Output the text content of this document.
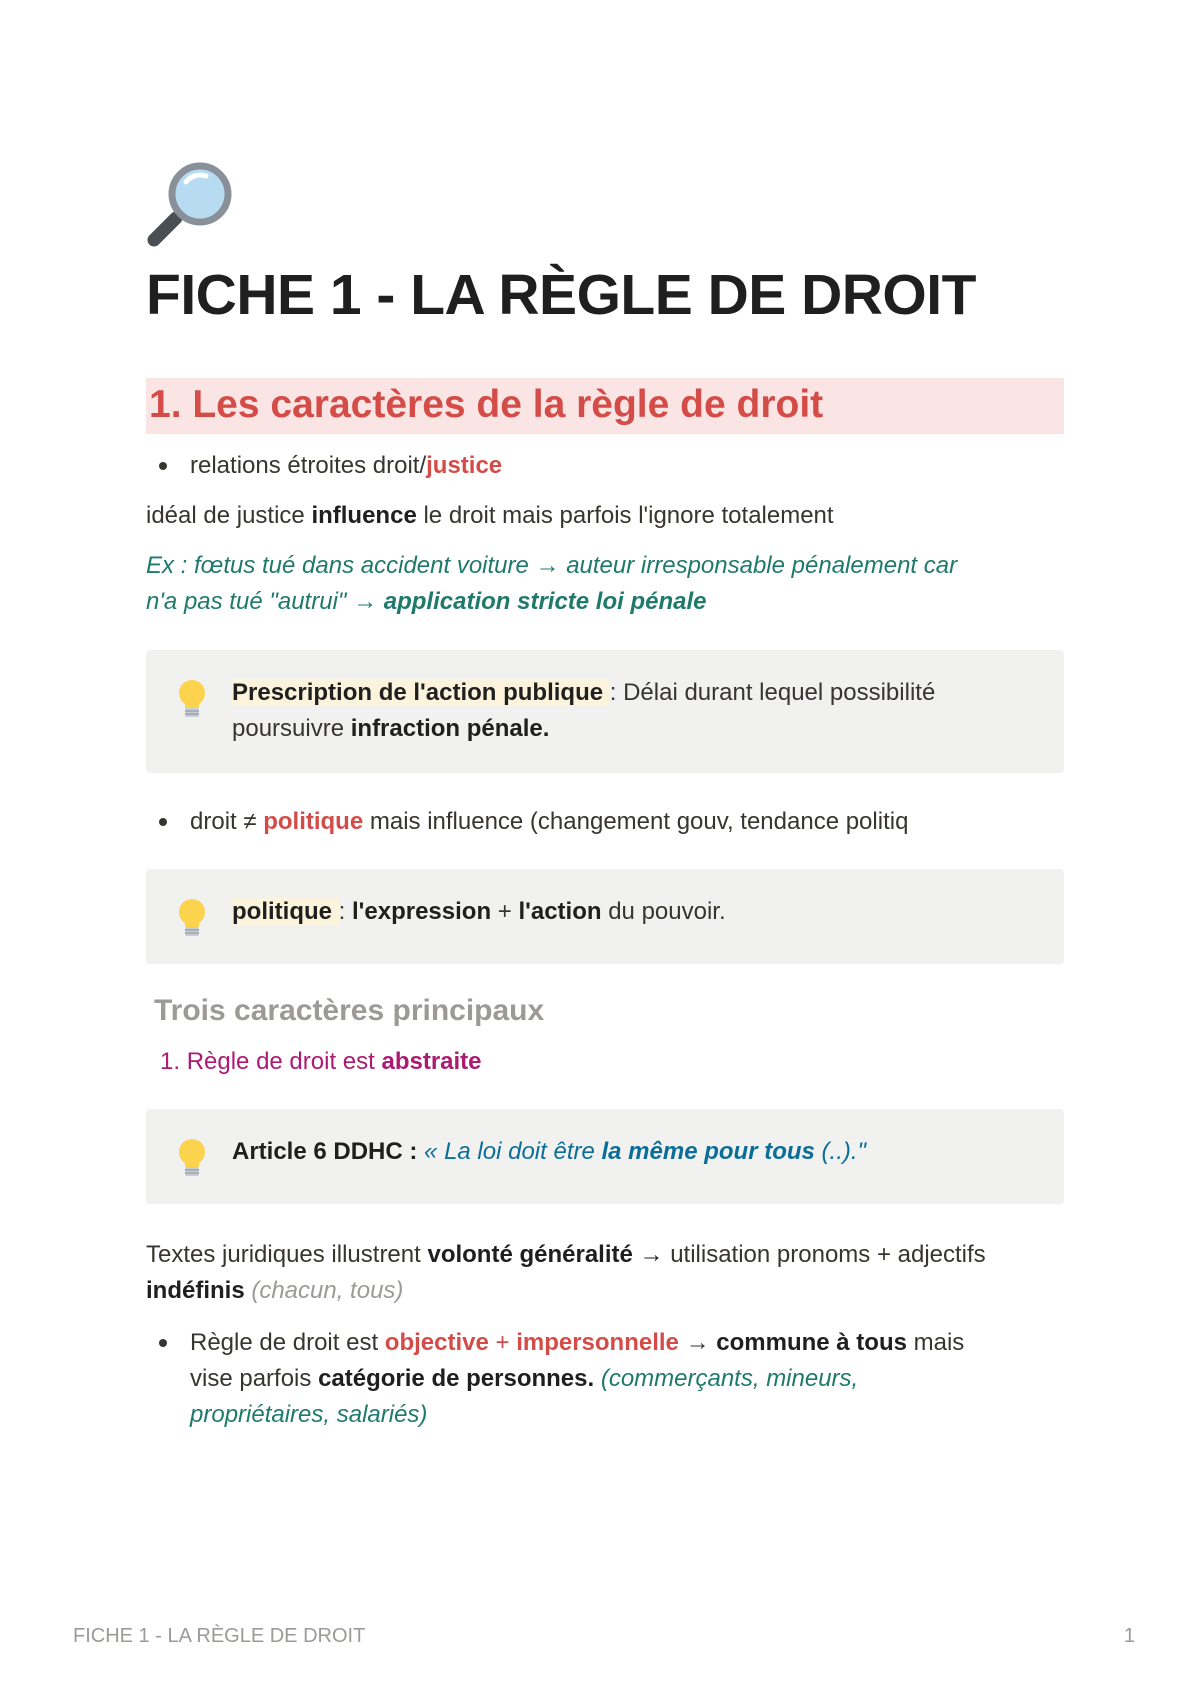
FICHE 1 - LA RÈGLE DE DROIT
1. Les caractères de la règle de droit
relations étroites droit/justice
idéal de justice influence le droit mais parfois l'ignore totalement
Ex : fœtus tué dans accident voiture → auteur irresponsable pénalement car
n'a pas tué "autrui" → application stricte loi pénale
Prescription de l'action publique : Délai durant lequel possibilité
poursuivre infraction pénale.
droit ≠ politique mais influence (changement gouv, tendance politiq
politique : l'expression + l'action du pouvoir.
Trois caractères principaux
1. Règle de droit est abstraite
Article 6 DDHC : « La loi doit être la même pour tous (..)."
Textes juridiques illustrent volonté généralité → utilisation pronoms + adjectifs
indéfinis (chacun, tous)
Règle de droit est objective + impersonnelle → commune à tous mais
vise parfois catégorie de personnes. (commerçants, mineurs,
propriétaires, salariés)
FICHE 1 - LA RÈGLE DE DROIT	1
